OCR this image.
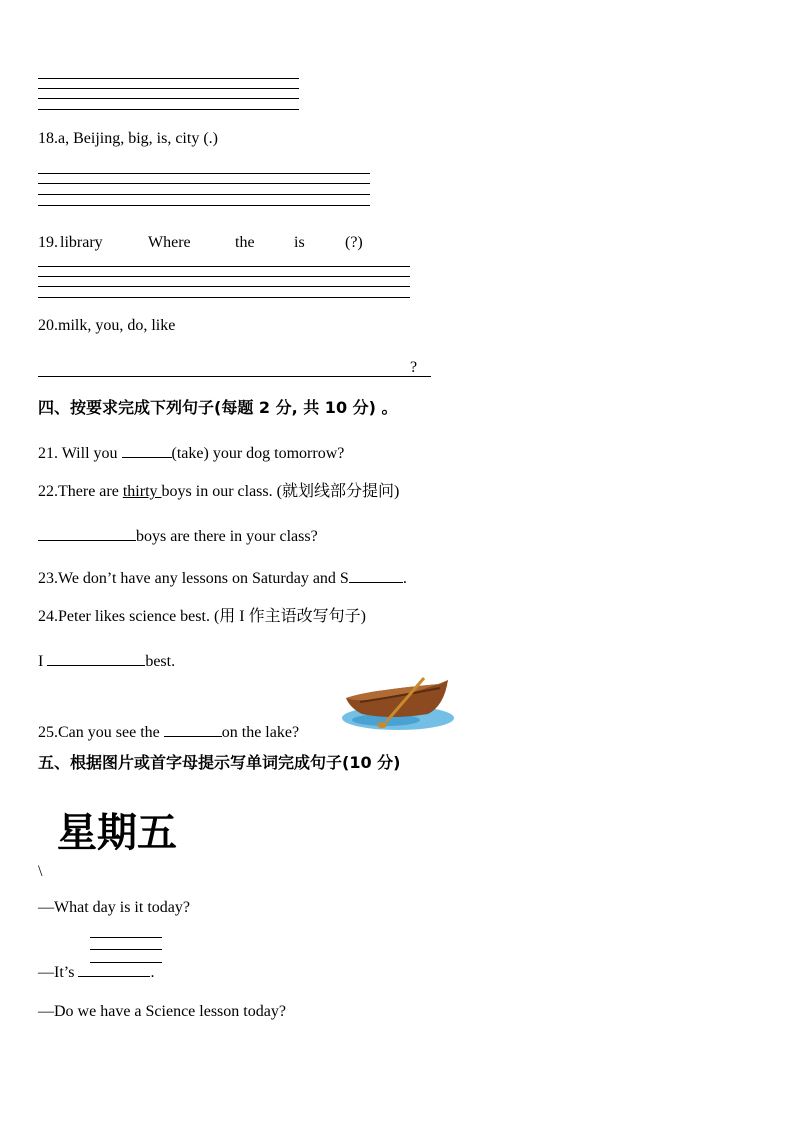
18.a, Beijing, big, is, city (.)
19. library	Where	the is	(?)
20.milk, you, do, like
?
四、按要求完成下列句子(每题 2 分, 共 10 分) 。
21. Will you	(take) your dog tomorrow?
22.There are thirty boys in our class. (就划线部分提问)
boys are there in your class?
23.We don’t have any lessons on Saturday and S	.
24.Peter likes science best. (用 I 作主语改写句子)
I	best.
25.Can you see the	on the lake?
五、根据图片或首字母提示写单词完成句子(10 分)
星期五
\
—What day is it today?
—It’s	.
—Do we have a Science lesson today?
